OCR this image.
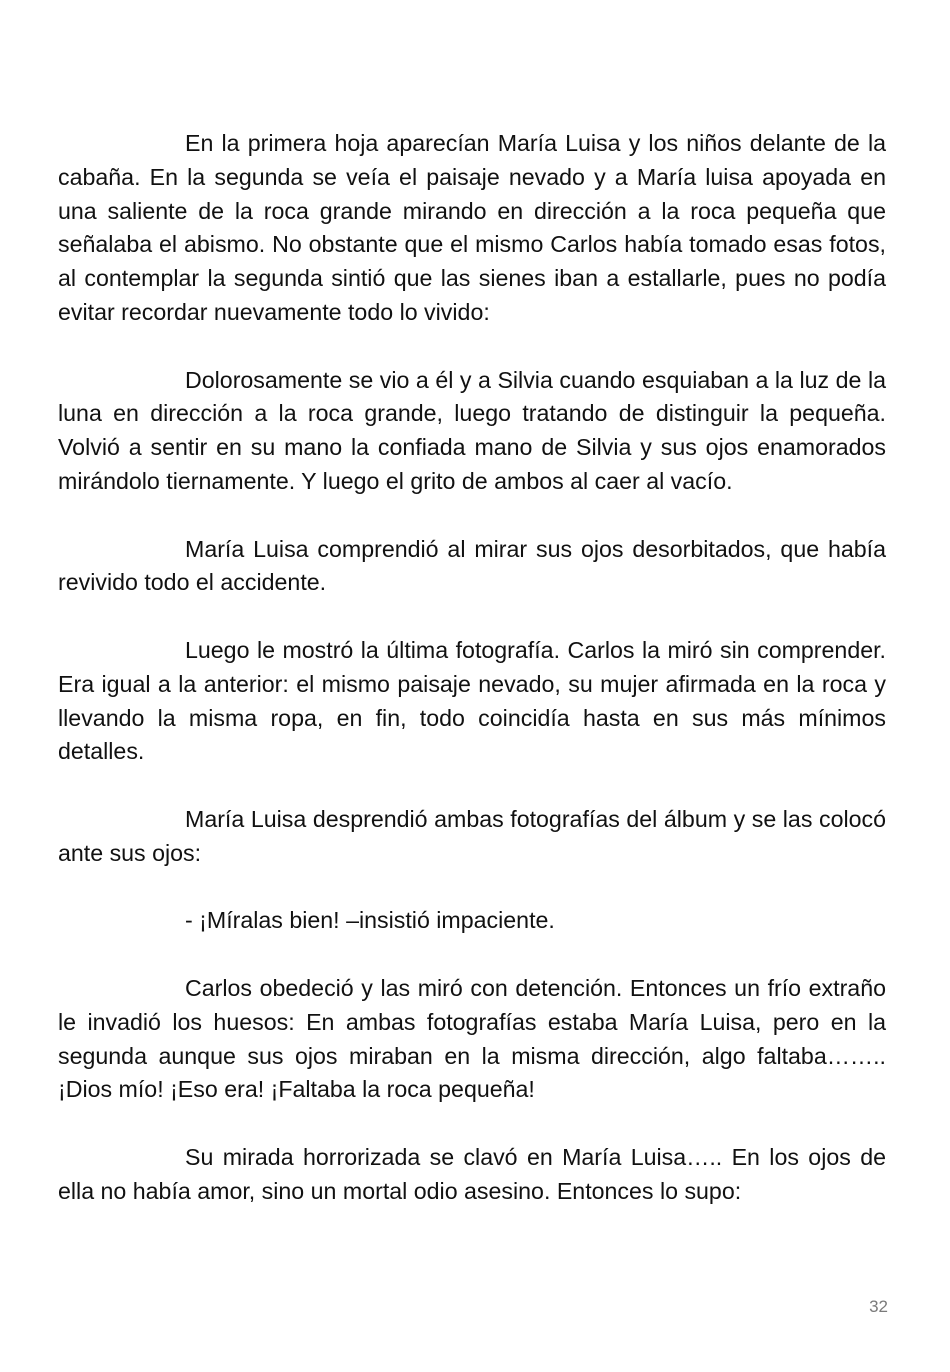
En la primera hoja aparecían María Luisa y los niños delante de la cabaña. En la segunda se veía el paisaje nevado y a María luisa apoyada en una saliente de la roca grande mirando en dirección a la roca pequeña que señalaba el abismo. No obstante que el mismo Carlos había tomado esas fotos, al contemplar la segunda sintió que las sienes iban a estallarle, pues no podía evitar recordar nuevamente todo lo vivido:

Dolorosamente se vio a él y a Silvia cuando esquiaban a la luz de la luna en dirección a la roca grande, luego tratando de distinguir la pequeña. Volvió a sentir en su mano la confiada mano de Silvia y sus ojos enamorados mirándolo tiernamente. Y luego el grito de ambos al caer al vacío.

María Luisa comprendió al mirar sus ojos desorbitados, que había revivido todo el accidente.

Luego le mostró la última fotografía. Carlos la miró sin comprender. Era igual a la anterior: el mismo paisaje nevado, su mujer afirmada en la roca y llevando la misma ropa, en fin, todo coincidía hasta en sus más mínimos detalles.

María Luisa desprendió ambas fotografías del álbum y se las colocó ante sus ojos:

- ¡Míralas bien! –insistió impaciente.

Carlos obedeció y las miró con detención. Entonces un frío extraño le invadió los huesos: En ambas fotografías estaba María Luisa, pero en la segunda aunque sus ojos miraban en la misma dirección, algo faltaba……..¡Dios mío! ¡Eso era! ¡Faltaba la roca pequeña!

Su mirada horrorizada se clavó en María Luisa….. En los ojos de ella no había amor, sino un mortal odio asesino. Entonces lo supo:

32
